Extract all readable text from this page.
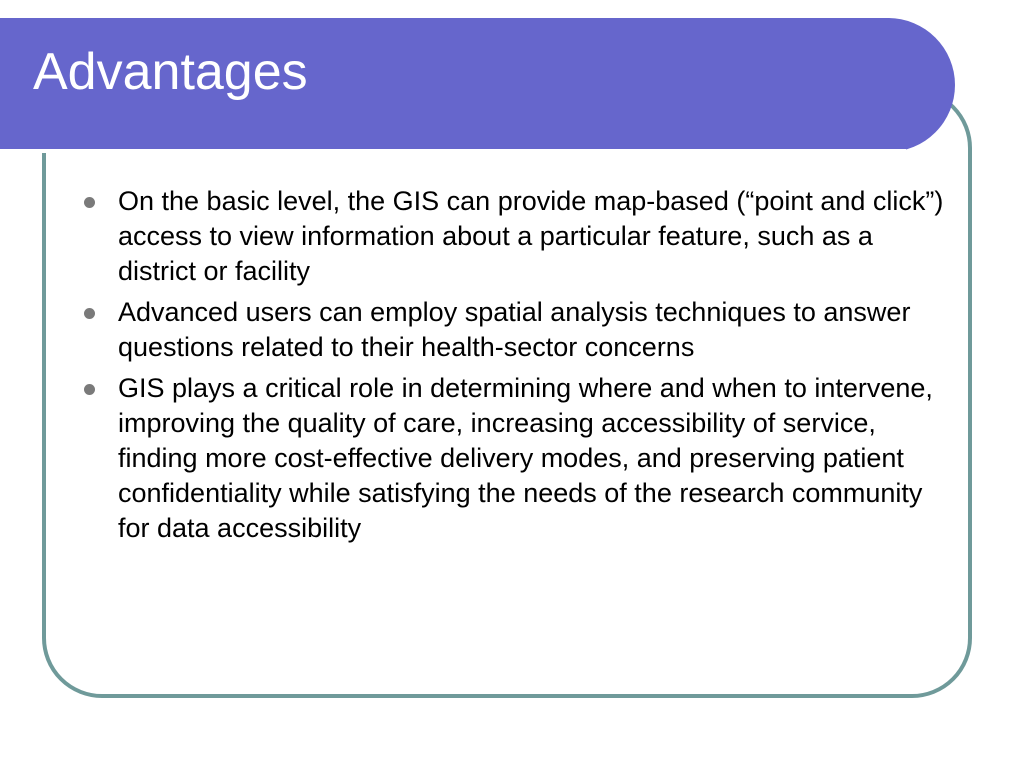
Advantages
On the basic level, the GIS can provide map-based (“point and click”) access to view information about a particular feature, such as a district or facility
Advanced users can employ spatial analysis techniques to answer questions related to their health-sector concerns
GIS plays a critical role in determining where and when to intervene, improving the quality of care, increasing accessibility of service, finding more cost-effective delivery modes, and preserving patient confidentiality while satisfying the needs of the research community for data accessibility
